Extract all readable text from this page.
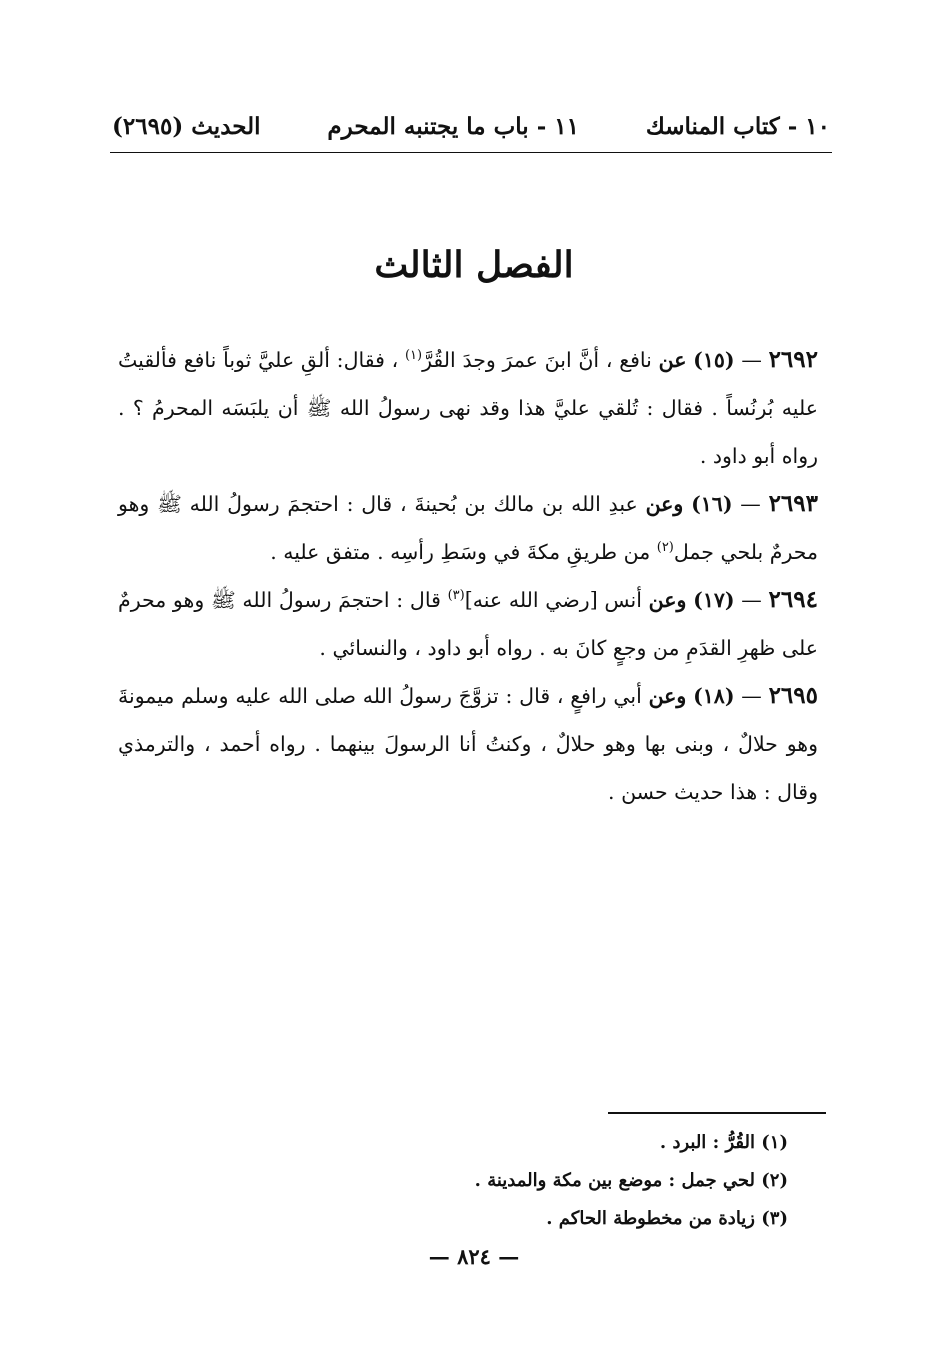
١٠ - كتاب المناسك
١١ - باب ما يجتنبه المحرم
الحديث (٢٦٩٥)
الفصل الثالث

٢٦٩٢ — (١٥) عن نافع ، أنَّ ابنَ عمرَ وجدَ القُرَّ$^{(١)}$ ، فقال: ألقِ عليَّ ثوباً نافع فألقيتُ عليه بُرنُساً . فقال : تُلقي عليَّ هذا وقد نهى رسولُ الله ﷺ أن يلبَسَه المحرمُ ؟ . رواه أبو داود .

٢٦٩٣ — (١٦) وعن عبدِ الله بن مالك بن بُحينةَ ، قال : احتجمَ رسولُ الله ﷺ وهو محرمٌ بلحي جمل$^{(٢)}$ من طريقِ مكةَ في وسَطِ رأسِه . متفق عليه .

٢٦٩٤ — (١٧) وعن أنس [رضي الله عنه]$^{(٣)}$ قال : احتجمَ رسولُ الله ﷺ وهو محرمٌ على ظهرِ القدَمِ من وجعٍ كانَ به . رواه أبو داود ، والنسائي .

٢٦٩٥ — (١٨) وعن أبي رافعٍ ، قال : تزوَّجَ رسولُ الله صلى الله عليه وسلم ميمونةَ وهو حلالٌ ، وبنى بها وهو حلالٌ ، وكنتُ أنا الرسولَ بينهما . رواه أحمد ، والترمذي وقال : هذا حديث حسن .

(١) القُرُّ : البرد .
(٢) لحي جمل : موضع بين مكة والمدينة .
(٣) زيادة من مخطوطة الحاكم .
— ٨٢٤ —
